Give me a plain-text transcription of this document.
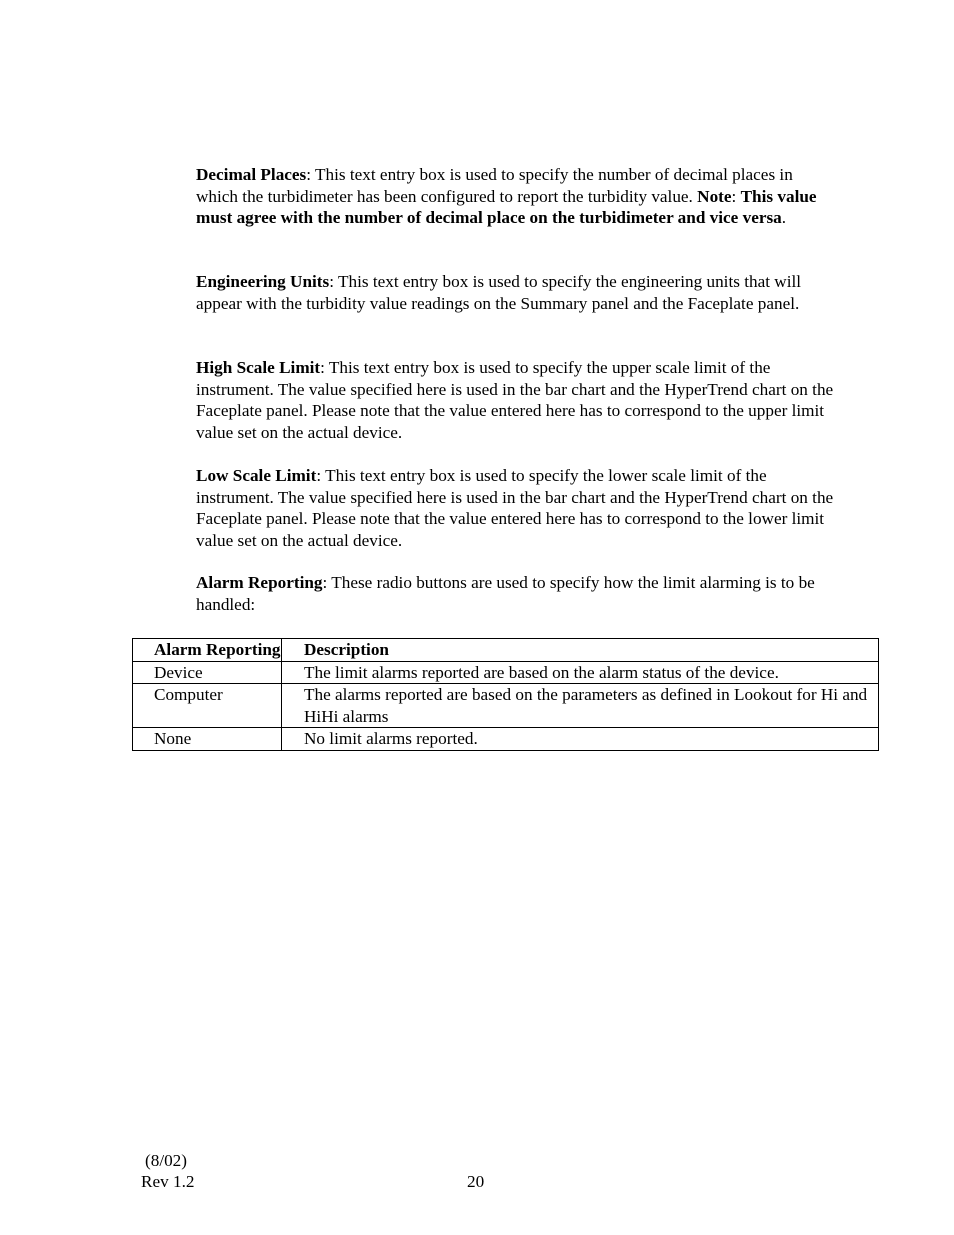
Decimal Places: This text entry box is used to specify the number of decimal places in which the turbidimeter has been configured to report the turbidity value. Note: This value must agree with the number of decimal place on the turbidimeter and vice versa.

Engineering Units: This text entry box is used to specify the engineering units that will appear with the turbidity value readings on the Summary panel and the Faceplate panel.

High Scale Limit: This text entry box is used to specify the upper scale limit of the instrument. The value specified here is used in the bar chart and the HyperTrend chart on the Faceplate panel. Please note that the value entered here has to correspond to the upper limit value set on the actual device.

Low Scale Limit: This text entry box is used to specify the lower scale limit of the instrument. The value specified here is used in the bar chart and the HyperTrend chart on the Faceplate panel. Please note that the value entered here has to correspond to the lower limit value set on the actual device.

Alarm Reporting: These radio buttons are used to specify how the limit alarming is to be handled:

Alarm Reporting	Description
Device	The limit alarms reported are based on the alarm status of the device.
Computer	The alarms reported are based on the parameters as defined in Lookout for Hi and HiHi alarms
None	No limit alarms reported.
(8/02)
Rev 1.2	20
